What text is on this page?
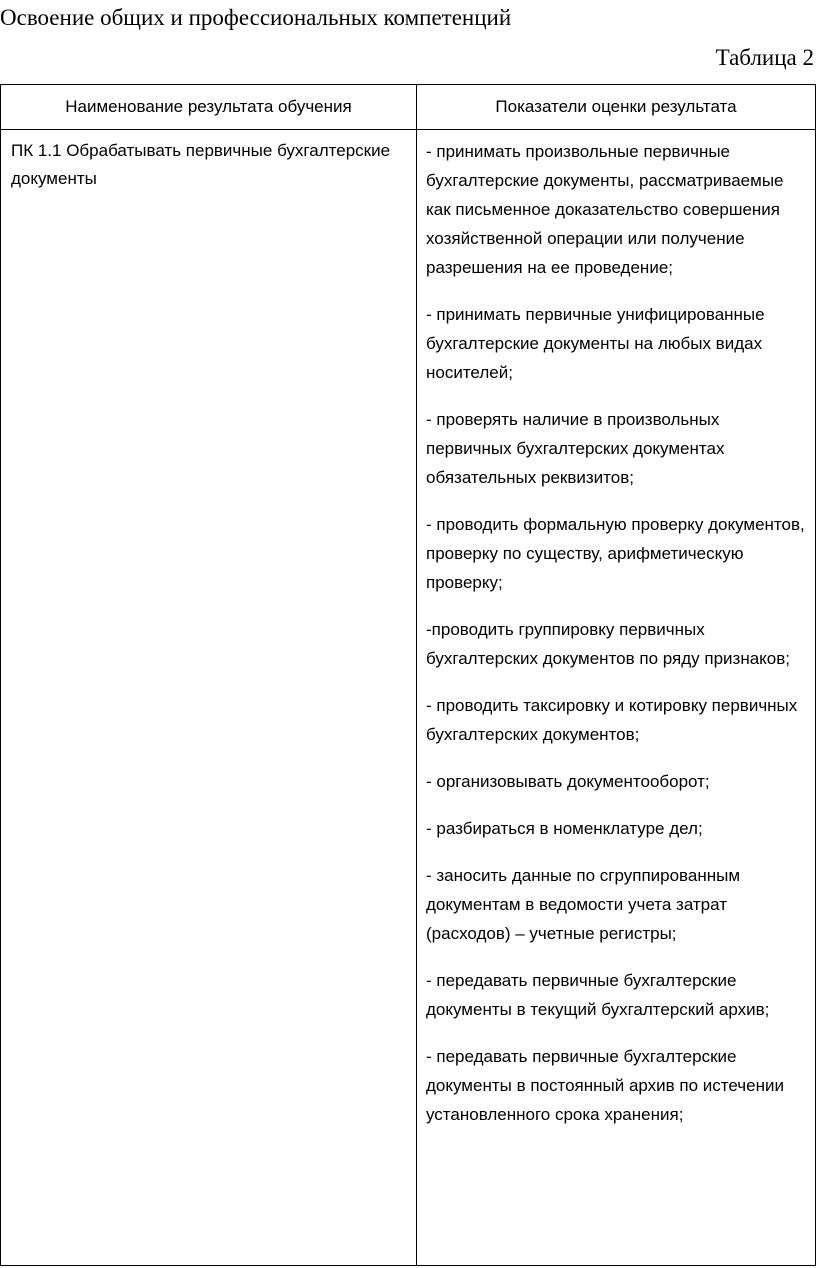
Освоение общих и профессиональных компетенций
Таблица 2
Наименование результата обучения	Показатели оценки результата
ПК 1.1 Обрабатывать первичные бухгалтерские документы

- принимать произвольные первичные бухгалтерские документы, рассматриваемые как письменное доказательство совершения хозяйственной операции или получение разрешения на ее проведение;

- принимать первичные унифицированные бухгалтерские документы на любых видах носителей;

- проверять наличие в произвольных первичных бухгалтерских документах обязательных реквизитов;

- проводить формальную проверку документов, проверку по существу, арифметическую проверку;

-проводить группировку первичных бухгалтерских документов по ряду признаков;

- проводить таксировку и котировку первичных бухгалтерских документов;

- организовывать документооборот;

- разбираться в номенклатуре дел;

- заносить данные по сгруппированным документам в ведомости учета затрат (расходов) – учетные регистры;

- передавать первичные бухгалтерские документы в текущий бухгалтерский архив;

- передавать первичные бухгалтерские документы в постоянный архив по истечении установленного срока хранения;
